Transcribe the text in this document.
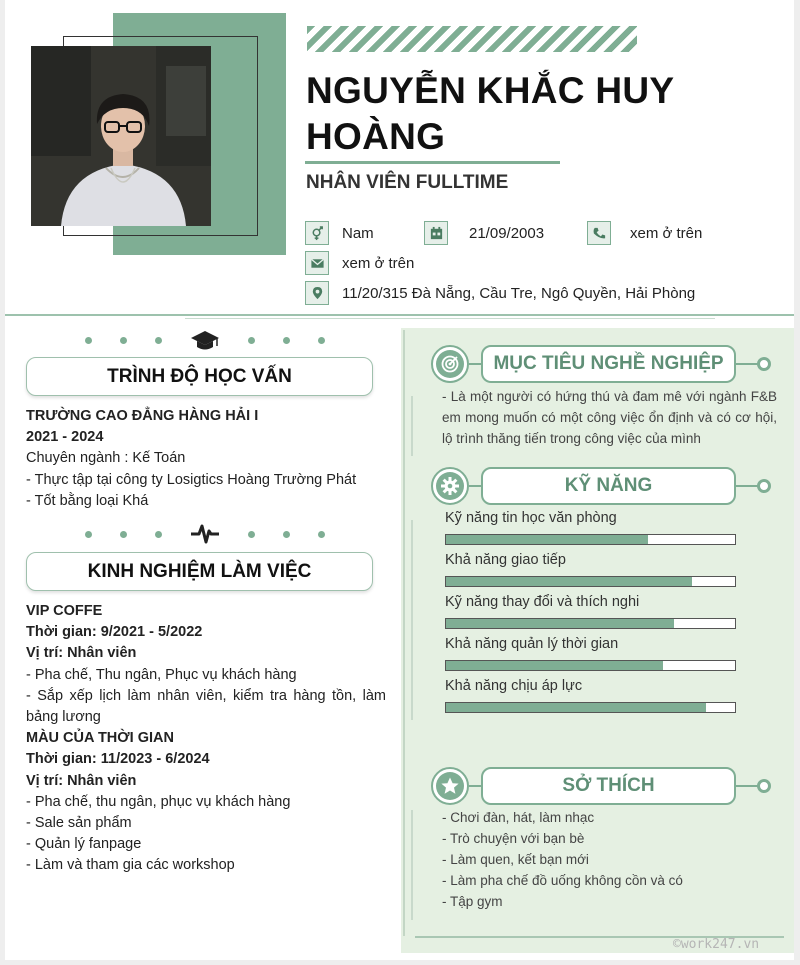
NGUYỄN KHẮC HUY HOÀNG
NHÂN VIÊN FULLTIME
Nam	21/09/2003	xem ở trên
xem ở trên
11/20/315 Đà Nẵng, Cầu Tre, Ngô Quyền, Hải Phòng
TRÌNH ĐỘ HỌC VẤN
TRƯỜNG CAO ĐẲNG HÀNG HẢI I
2021 - 2024
Chuyên ngành : Kế Toán
- Thực tập tại công ty Losigtics Hoàng Trường Phát
- Tốt bằng loại Khá
KINH NGHIỆM LÀM VIỆC
VIP COFFE
Thời gian: 9/2021 - 5/2022
Vị trí: Nhân viên
- Pha chế, Thu ngân, Phục vụ khách hàng
- Sắp xếp lịch làm nhân viên, kiểm tra hàng tồn, làm bảng lương
MÀU CỦA THỜI GIAN
Thời gian: 11/2023 - 6/2024
Vị trí: Nhân viên
- Pha chế, thu ngân, phục vụ khách hàng
- Sale sản phẩm
- Quản lý fanpage
- Làm và tham gia các workshop
MỤC TIÊU NGHỀ NGHIỆP
- Là một người có hứng thú và đam mê với ngành F&B em mong muốn có một công việc ổn định và có cơ hội, lộ trình thăng tiến trong công việc của mình
KỸ NĂNG
Kỹ năng tin học văn phòng
Khả năng giao tiếp
Kỹ năng thay đổi và thích nghi
Khả năng quản lý thời gian
Khả năng chịu áp lực
SỞ THÍCH
- Chơi đàn, hát, làm nhạc
- Trò chuyện với bạn bè
- Làm quen, kết bạn mới
- Làm pha chế đồ uống không cồn và có
- Tập gym
©work247.vn
